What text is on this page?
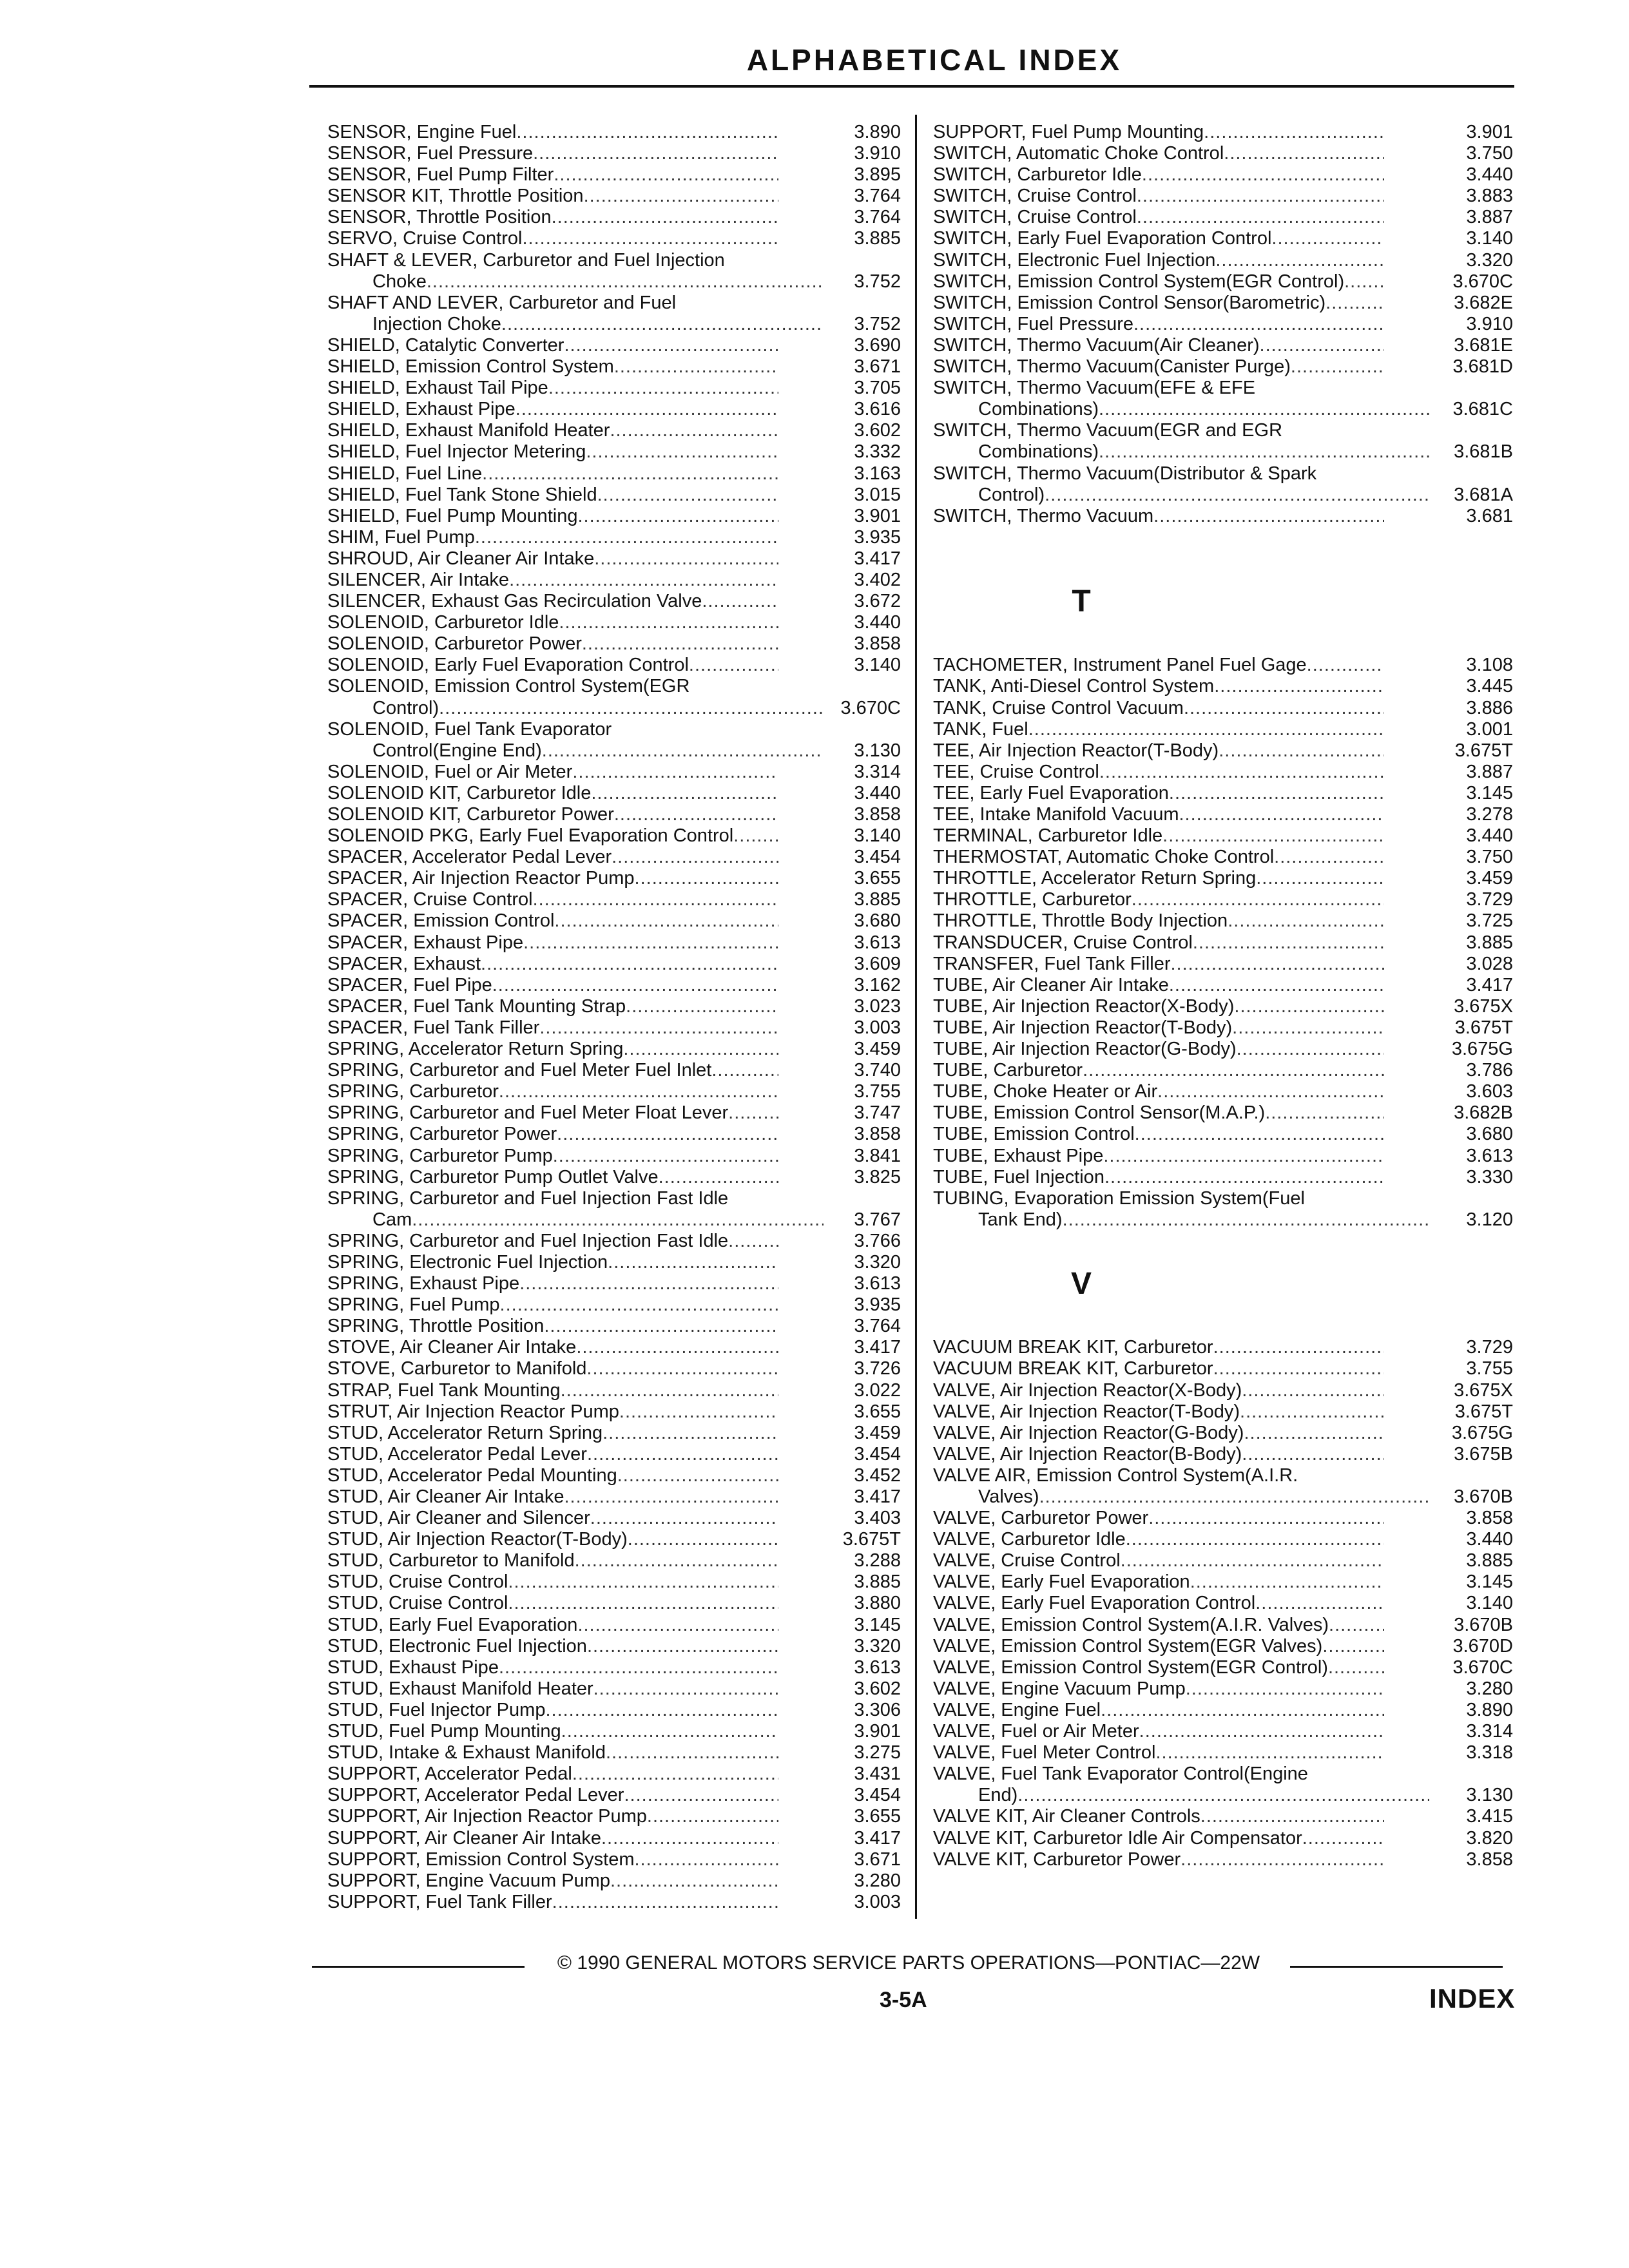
ALPHABETICAL INDEX
SENSOR, Engine Fuel .....	3.890
SENSOR, Fuel Pressure .....	3.910
SENSOR, Fuel Pump Filter .....	3.895
SENSOR KIT, Throttle Position .....	3.764
SENSOR, Throttle Position .....	3.764
SERVO, Cruise Control .....	3.885
SHAFT & LEVER, Carburetor and Fuel Injection
Choke .....	3.752
SHAFT AND LEVER, Carburetor and Fuel
Injection Choke .....	3.752
SHIELD, Catalytic Converter .....	3.690
SHIELD, Emission Control System .....	3.671
SHIELD, Exhaust Tail Pipe .....	3.705
SHIELD, Exhaust Pipe .....	3.616
SHIELD, Exhaust Manifold Heater .....	3.602
SHIELD, Fuel Injector Metering .....	3.332
SHIELD, Fuel Line .....	3.163
SHIELD, Fuel Tank Stone Shield .....	3.015
SHIELD, Fuel Pump Mounting .....	3.901
SHIM, Fuel Pump .....	3.935
SHROUD, Air Cleaner Air Intake .....	3.417
SILENCER, Air Intake .....	3.402
SILENCER, Exhaust Gas Recirculation Valve .....	3.672
SOLENOID, Carburetor Idle .....	3.440
SOLENOID, Carburetor Power .....	3.858
SOLENOID, Early Fuel Evaporation Control .....	3.140
SOLENOID, Emission Control System(EGR
Control) .....	3.670C
SOLENOID, Fuel Tank Evaporator
Control(Engine End) .....	3.130
SOLENOID, Fuel or Air Meter .....	3.314
SOLENOID KIT, Carburetor Idle .....	3.440
SOLENOID KIT, Carburetor Power .....	3.858
SOLENOID PKG, Early Fuel Evaporation Control .....	3.140
SPACER, Accelerator Pedal Lever .....	3.454
SPACER, Air Injection Reactor Pump .....	3.655
SPACER, Cruise Control .....	3.885
SPACER, Emission Control .....	3.680
SPACER, Exhaust Pipe .....	3.613
SPACER, Exhaust .....	3.609
SPACER, Fuel Pipe .....	3.162
SPACER, Fuel Tank Mounting Strap .....	3.023
SPACER, Fuel Tank Filler .....	3.003
SPRING, Accelerator Return Spring .....	3.459
SPRING, Carburetor and Fuel Meter Fuel Inlet .....	3.740
SPRING, Carburetor .....	3.755
SPRING, Carburetor and Fuel Meter Float Lever .....	3.747
SPRING, Carburetor Power .....	3.858
SPRING, Carburetor Pump .....	3.841
SPRING, Carburetor Pump Outlet Valve .....	3.825
SPRING, Carburetor and Fuel Injection Fast Idle
Cam .....	3.767
SPRING, Carburetor and Fuel Injection Fast Idle .....	3.766
SPRING, Electronic Fuel Injection .....	3.320
SPRING, Exhaust Pipe .....	3.613
SPRING, Fuel Pump .....	3.935
SPRING, Throttle Position .....	3.764
STOVE, Air Cleaner Air Intake .....	3.417
STOVE, Carburetor to Manifold .....	3.726
STRAP, Fuel Tank Mounting .....	3.022
STRUT, Air Injection Reactor Pump .....	3.655
STUD, Accelerator Return Spring .....	3.459
STUD, Accelerator Pedal Lever .....	3.454
STUD, Accelerator Pedal Mounting .....	3.452
STUD, Air Cleaner Air Intake .....	3.417
STUD, Air Cleaner and Silencer .....	3.403
STUD, Air Injection Reactor(T-Body) .....	3.675T
STUD, Carburetor to Manifold .....	3.288
STUD, Cruise Control .....	3.885
STUD, Cruise Control .....	3.880
STUD, Early Fuel Evaporation .....	3.145
STUD, Electronic Fuel Injection .....	3.320
STUD, Exhaust Pipe .....	3.613
STUD, Exhaust Manifold Heater .....	3.602
STUD, Fuel Injector Pump .....	3.306
STUD, Fuel Pump Mounting .....	3.901
STUD, Intake & Exhaust Manifold .....	3.275
SUPPORT, Accelerator Pedal .....	3.431
SUPPORT, Accelerator Pedal Lever .....	3.454
SUPPORT, Air Injection Reactor Pump .....	3.655
SUPPORT, Air Cleaner Air Intake .....	3.417
SUPPORT, Emission Control System .....	3.671
SUPPORT, Engine Vacuum Pump .....	3.280
SUPPORT, Fuel Tank Filler .....	3.003
SUPPORT, Fuel Pump Mounting .....	3.901
SWITCH, Automatic Choke Control .....	3.750
SWITCH, Carburetor Idle .....	3.440
SWITCH, Cruise Control .....	3.883
SWITCH, Cruise Control .....	3.887
SWITCH, Early Fuel Evaporation Control .....	3.140
SWITCH, Electronic Fuel Injection .....	3.320
SWITCH, Emission Control System(EGR Control) .....	3.670C
SWITCH, Emission Control Sensor(Barometric) .....	3.682E
SWITCH, Fuel Pressure .....	3.910
SWITCH, Thermo Vacuum(Air Cleaner) .....	3.681E
SWITCH, Thermo Vacuum(Canister Purge) .....	3.681D
SWITCH, Thermo Vacuum(EFE & EFE
Combinations) .....	3.681C
SWITCH, Thermo Vacuum(EGR and EGR
Combinations) .....	3.681B
SWITCH, Thermo Vacuum(Distributor & Spark
Control) .....	3.681A
SWITCH, Thermo Vacuum .....	3.681
T
TACHOMETER, Instrument Panel Fuel Gage .....	3.108
TANK, Anti-Diesel Control System .....	3.445
TANK, Cruise Control Vacuum .....	3.886
TANK, Fuel .....	3.001
TEE, Air Injection Reactor(T-Body) .....	3.675T
TEE, Cruise Control .....	3.887
TEE, Early Fuel Evaporation .....	3.145
TEE, Intake Manifold Vacuum .....	3.278
TERMINAL, Carburetor Idle .....	3.440
THERMOSTAT, Automatic Choke Control .....	3.750
THROTTLE, Accelerator Return Spring .....	3.459
THROTTLE, Carburetor .....	3.729
THROTTLE, Throttle Body Injection .....	3.725
TRANSDUCER, Cruise Control .....	3.885
TRANSFER, Fuel Tank Filler .....	3.028
TUBE, Air Cleaner Air Intake .....	3.417
TUBE, Air Injection Reactor(X-Body) .....	3.675X
TUBE, Air Injection Reactor(T-Body) .....	3.675T
TUBE, Air Injection Reactor(G-Body) .....	3.675G
TUBE, Carburetor .....	3.786
TUBE, Choke Heater or Air .....	3.603
TUBE, Emission Control Sensor(M.A.P.) .....	3.682B
TUBE, Emission Control .....	3.680
TUBE, Exhaust Pipe .....	3.613
TUBE, Fuel Injection .....	3.330
TUBING, Evaporation Emission System(Fuel
Tank End) .....	3.120
V
VACUUM BREAK KIT, Carburetor .....	3.729
VACUUM BREAK KIT, Carburetor .....	3.755
VALVE, Air Injection Reactor(X-Body) .....	3.675X
VALVE, Air Injection Reactor(T-Body) .....	3.675T
VALVE, Air Injection Reactor(G-Body) .....	3.675G
VALVE, Air Injection Reactor(B-Body) .....	3.675B
VALVE AIR, Emission Control System(A.I.R.
Valves) .....	3.670B
VALVE, Carburetor Power .....	3.858
VALVE, Carburetor Idle .....	3.440
VALVE, Cruise Control .....	3.885
VALVE, Early Fuel Evaporation .....	3.145
VALVE, Early Fuel Evaporation Control .....	3.140
VALVE, Emission Control System(A.I.R. Valves) .....	3.670B
VALVE, Emission Control System(EGR Valves) .....	3.670D
VALVE, Emission Control System(EGR Control) .....	3.670C
VALVE, Engine Vacuum Pump .....	3.280
VALVE, Engine Fuel .....	3.890
VALVE, Fuel or Air Meter .....	3.314
VALVE, Fuel Meter Control .....	3.318
VALVE, Fuel Tank Evaporator Control(Engine
End) .....	3.130
VALVE KIT, Air Cleaner Controls .....	3.415
VALVE KIT, Carburetor Idle Air Compensator .....	3.820
VALVE KIT, Carburetor Power .....	3.858
© 1990 GENERAL MOTORS SERVICE PARTS OPERATIONS—PONTIAC—22W
3-5A	INDEX
